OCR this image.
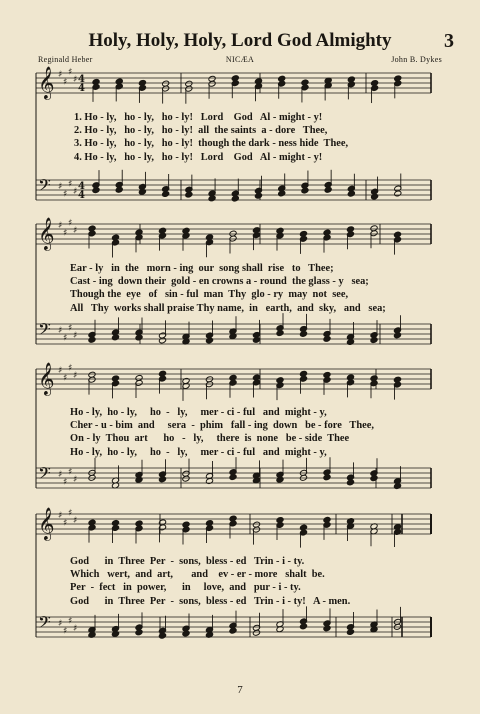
Holy, Holy, Holy, Lord God Almighty	3
Reginald Heber	NICÆA	John B. Dykes
𝄞 ♯
♯
♯
♯
4
4
𝄢 ♯
♯
♯
♯ 4
4
𝄞 ♯
♯
♯
♯
𝄢 ♯
♯
♯
♯
𝄞 ♯
♯
♯
♯
𝄢 ♯
♯
♯
♯
𝄞 ♯
♯
♯
♯
𝄢 ♯
♯
♯
♯
1. Ho - ly,   ho - ly,   ho - ly!   Lord    God   Al - might - y!
2. Ho - ly,   ho - ly,   ho - ly!  all  the saints  a - dore   Thee,
3. Ho - ly,   ho - ly,   ho - ly!  though the dark - ness hide  Thee,
4. Ho - ly,   ho - ly,   ho - ly!   Lord    God   Al - might - y!
Ear - ly   in  the   morn - ing  our  song shall  rise   to   Thee;
Cast - ing  down their  gold - en crowns a - round  the glass - y   sea;
Though the  eye   of   sin - ful  man  Thy  glo - ry  may  not  see,
All   Thy  works shall praise Thy name,  in   earth,  and  sky,   and   sea;
Ho - ly,  ho - ly,     ho  -   ly,     mer - ci - ful   and  might - y,
Cher - u - bim  and     sera  -  phim   fall - ing  down   be - fore   Thee,
On - ly  Thou  art      ho   -   ly,     there  is  none   be - side  Thee
Ho - ly,  ho - ly,     ho  -   ly,     mer - ci - ful   and  might - y,
God      in  Three  Per  -  sons,  bless - ed   Trin - i - ty.
Which   wert,  and  art,       and    ev - er - more   shalt  be.
Per  -  fect   in  power,      in     love,  and   pur - i - ty.
God      in  Three  Per  -  sons,  bless - ed   Trin - i - ty!   A - men.
7
